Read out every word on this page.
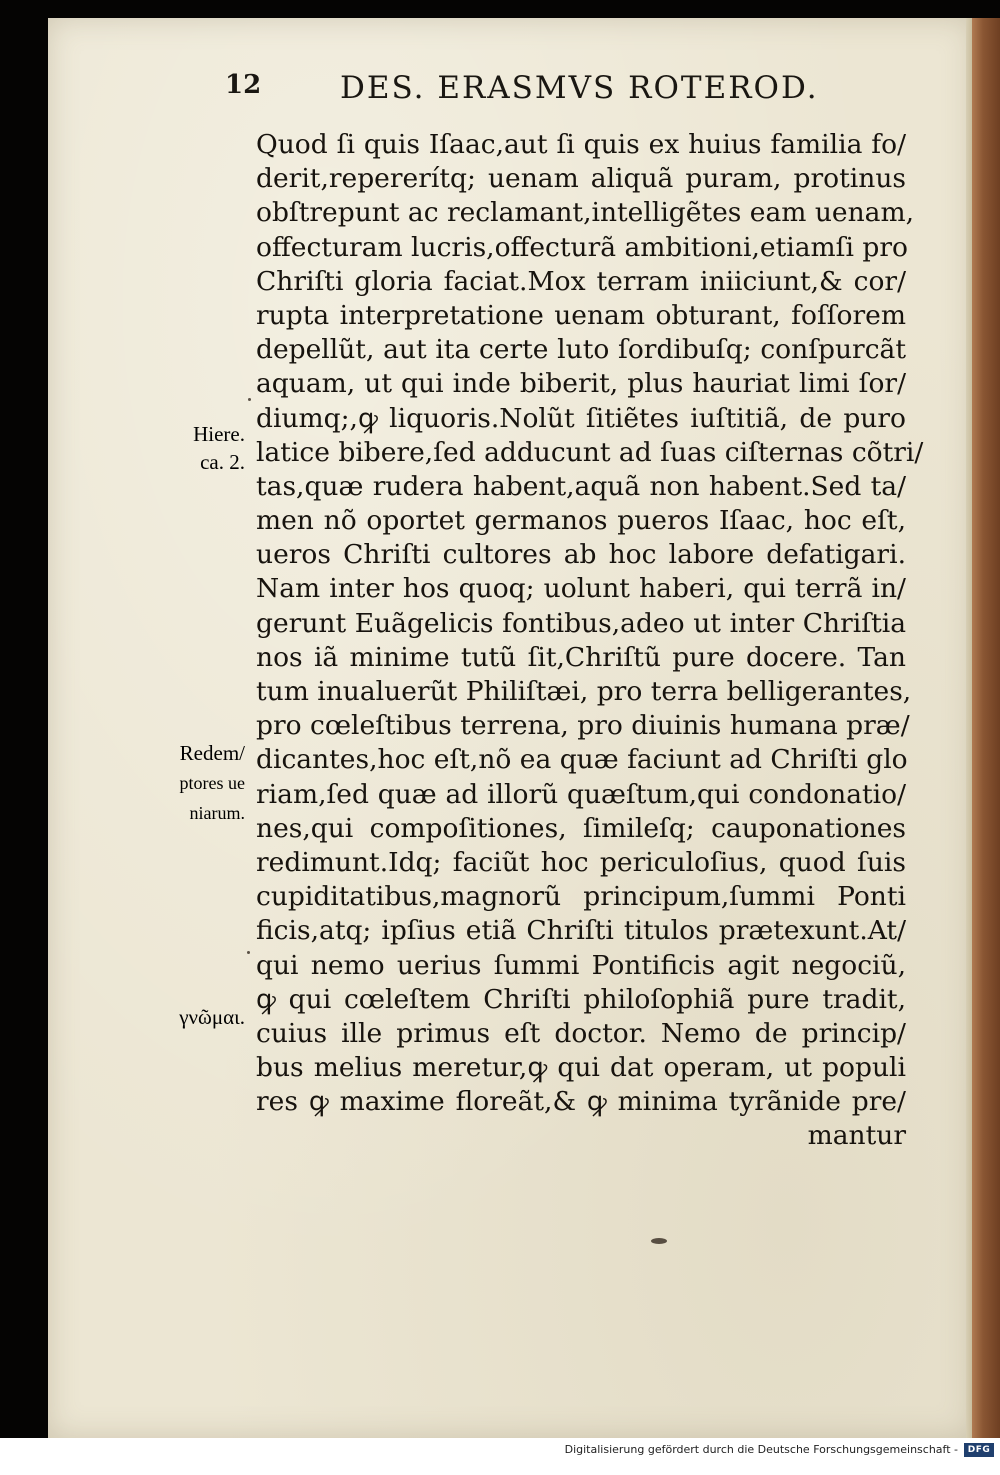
12	DES. ERASMVS ROTEROD.
Hiere.
ca. 2.
Redem/
ptores ue
niarum.
γνῶμαι.
Quod ſi quis Iſaac,aut ſi quis ex huius familia fo/
derit,repererítq; uenam aliquã puram, protinus
obſtrepunt ac reclamant,intelligẽtes eam uenam,
offecturam lucris,offecturã ambitioni,etiamſi pro
Chriſti gloria faciat.Mox terram iniiciunt,& cor/
rupta interpretatione uenam obturant, foſſorem
depellũt, aut ita certe luto ſordibuſq; conſpurcãt
aquam, ut qui inde biberit, plus hauriat limi ſor/
diumq;,ꝙ liquoris.Nolũt ſitiẽtes iuſtitiã, de puro
latice bibere,ſed adducunt ad ſuas ciſternas cõtri/
tas,quæ rudera habent,aquã non habent.Sed ta/
men nõ oportet germanos pueros Iſaac, hoc eſt,
ueros Chriſti cultores ab hoc labore defatigari.
Nam inter hos quoq; uolunt haberi, qui terrã in/
gerunt Euãgelicis fontibus,adeo ut inter Chriſtia
nos iã minime tutũ ſit,Chriſtũ pure docere. Tan
tum inualuerũt Philiſtæi, pro terra belligerantes,
pro cœleſtibus terrena, pro diuinis humana præ/
dicantes,hoc eſt,nõ ea quæ faciunt ad Chriſti glo
riam,ſed quæ ad illorũ quæſtum,qui condonatio/
nes,qui compoſitiones, ſimileſq; cauponationes
redimunt.Idq; faciũt hoc periculoſius, quod ſuis
cupiditatibus,magnorũ principum,ſummi Ponti
ficis,atq; ipſius etiã Chriſti titulos prætexunt.At/
qui nemo uerius ſummi Pontificis agit negociũ,
ꝙ qui cœleſtem Chriſti philoſophiã pure tradit,
cuius ille primus eſt doctor. Nemo de princip/
bus melius meretur,ꝙ qui dat operam, ut populi
res ꝙ maxime floreãt,& ꝙ minima tyrãnide pre/
mantur
Digitalisierung gefördert durch die Deutsche Forschungsgemeinschaft -	DFG
